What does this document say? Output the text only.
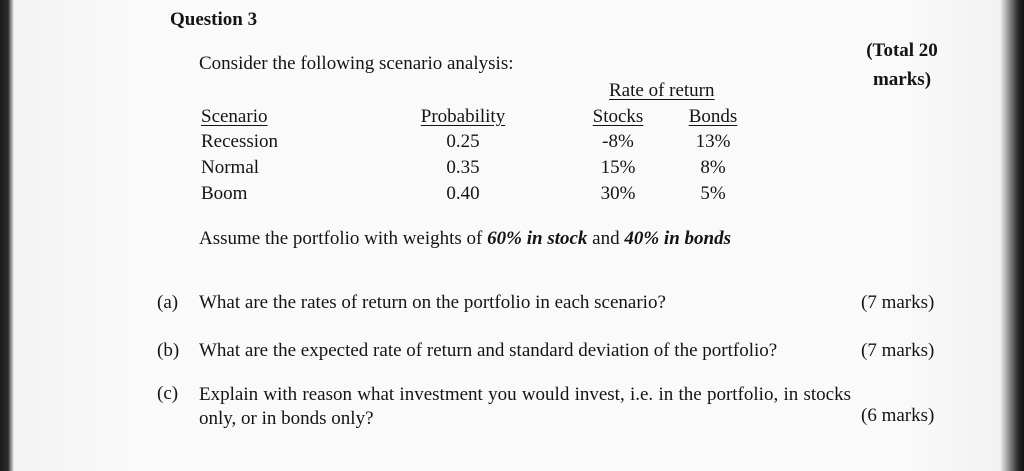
Question 3
Consider the following scenario analysis:
(Total 20
marks)
Rate of return
Scenario	Probability	Stocks	Bonds
Recession	0.25	-8%	13%
Normal	0.35	15%	8%
Boom	0.40	30%	5%
Assume the portfolio with weights of 60% in stock and 40% in bonds
(a) What are the rates of return on the portfolio in each scenario?	(7 marks)
(b) What are the expected rate of return and standard deviation of the portfolio?	(7 marks)
(c) Explain with reason what investment you would invest, i.e. in the portfolio, in stocks only, or in bonds only?	(6 marks)
